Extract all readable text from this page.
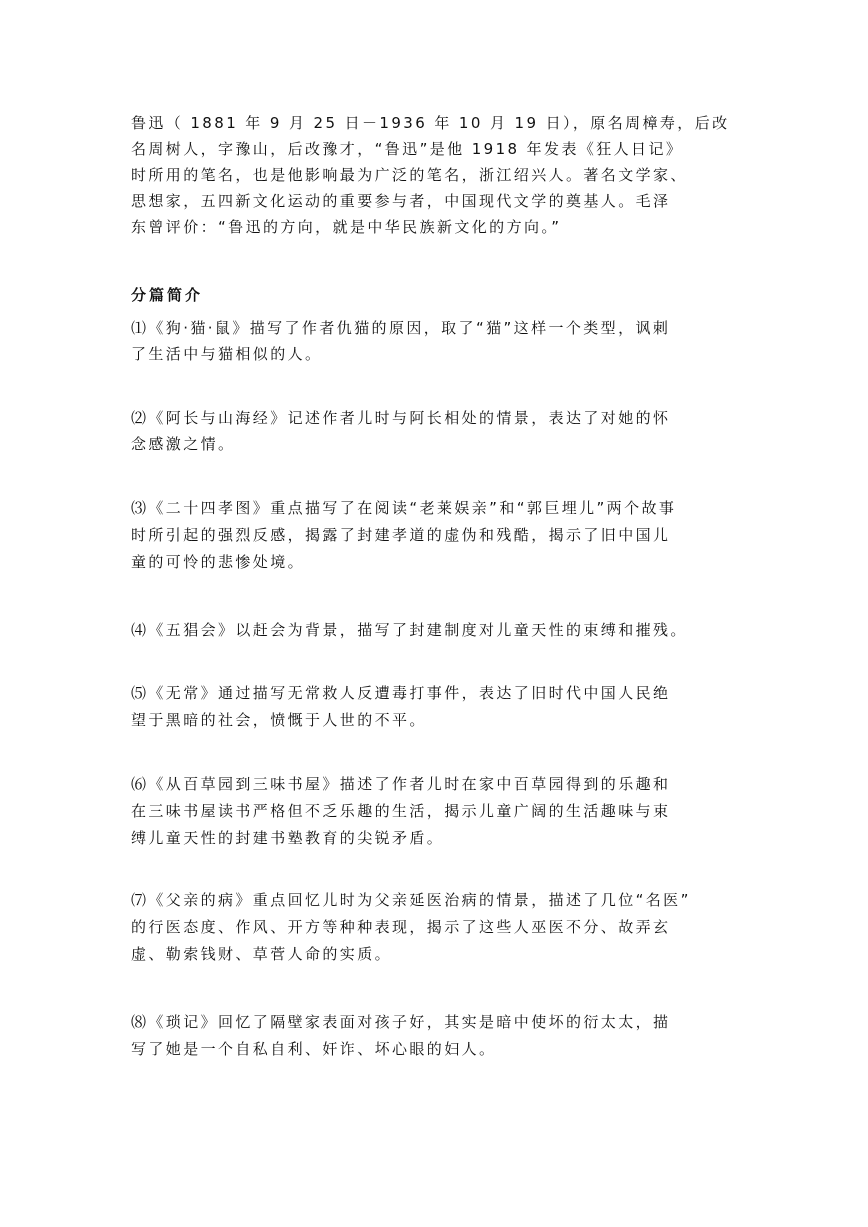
鲁迅（ 1881 年 9 月 25 日－1936 年 10 月 19 日），原名周樟寿，后改
名周树人，字豫山，后改豫才，“鲁迅”是他 1918 年发表《狂人日记》
时所用的笔名，也是他影响最为广泛的笔名，浙江绍兴人。著名文学家、
思想家，五四新文化运动的重要参与者，中国现代文学的奠基人。毛泽
东曾评价：“鲁迅的方向，就是中华民族新文化的方向。”
分篇简介
⑴《狗·猫·鼠》描写了作者仇猫的原因，取了“猫”这样一个类型，讽刺
了生活中与猫相似的人。
⑵《阿长与山海经》记述作者儿时与阿长相处的情景，表达了对她的怀
念感激之情。
⑶《二十四孝图》重点描写了在阅读“老莱娱亲”和“郭巨埋儿”两个故事
时所引起的强烈反感，揭露了封建孝道的虚伪和残酷，揭示了旧中国儿
童的可怜的悲惨处境。
⑷《五猖会》以赶会为背景，描写了封建制度对儿童天性的束缚和摧残。
⑸《无常》通过描写无常救人反遭毒打事件，表达了旧时代中国人民绝
望于黑暗的社会，愤慨于人世的不平。
⑹《从百草园到三味书屋》描述了作者儿时在家中百草园得到的乐趣和
在三味书屋读书严格但不乏乐趣的生活，揭示儿童广阔的生活趣味与束
缚儿童天性的封建书塾教育的尖锐矛盾。
⑺《父亲的病》重点回忆儿时为父亲延医治病的情景，描述了几位“名医”
的行医态度、作风、开方等种种表现，揭示了这些人巫医不分、故弄玄
虚、勒索钱财、草菅人命的实质。
⑻《琐记》回忆了隔壁家表面对孩子好，其实是暗中使坏的衍太太，描
写了她是一个自私自利、奸诈、坏心眼的妇人。
